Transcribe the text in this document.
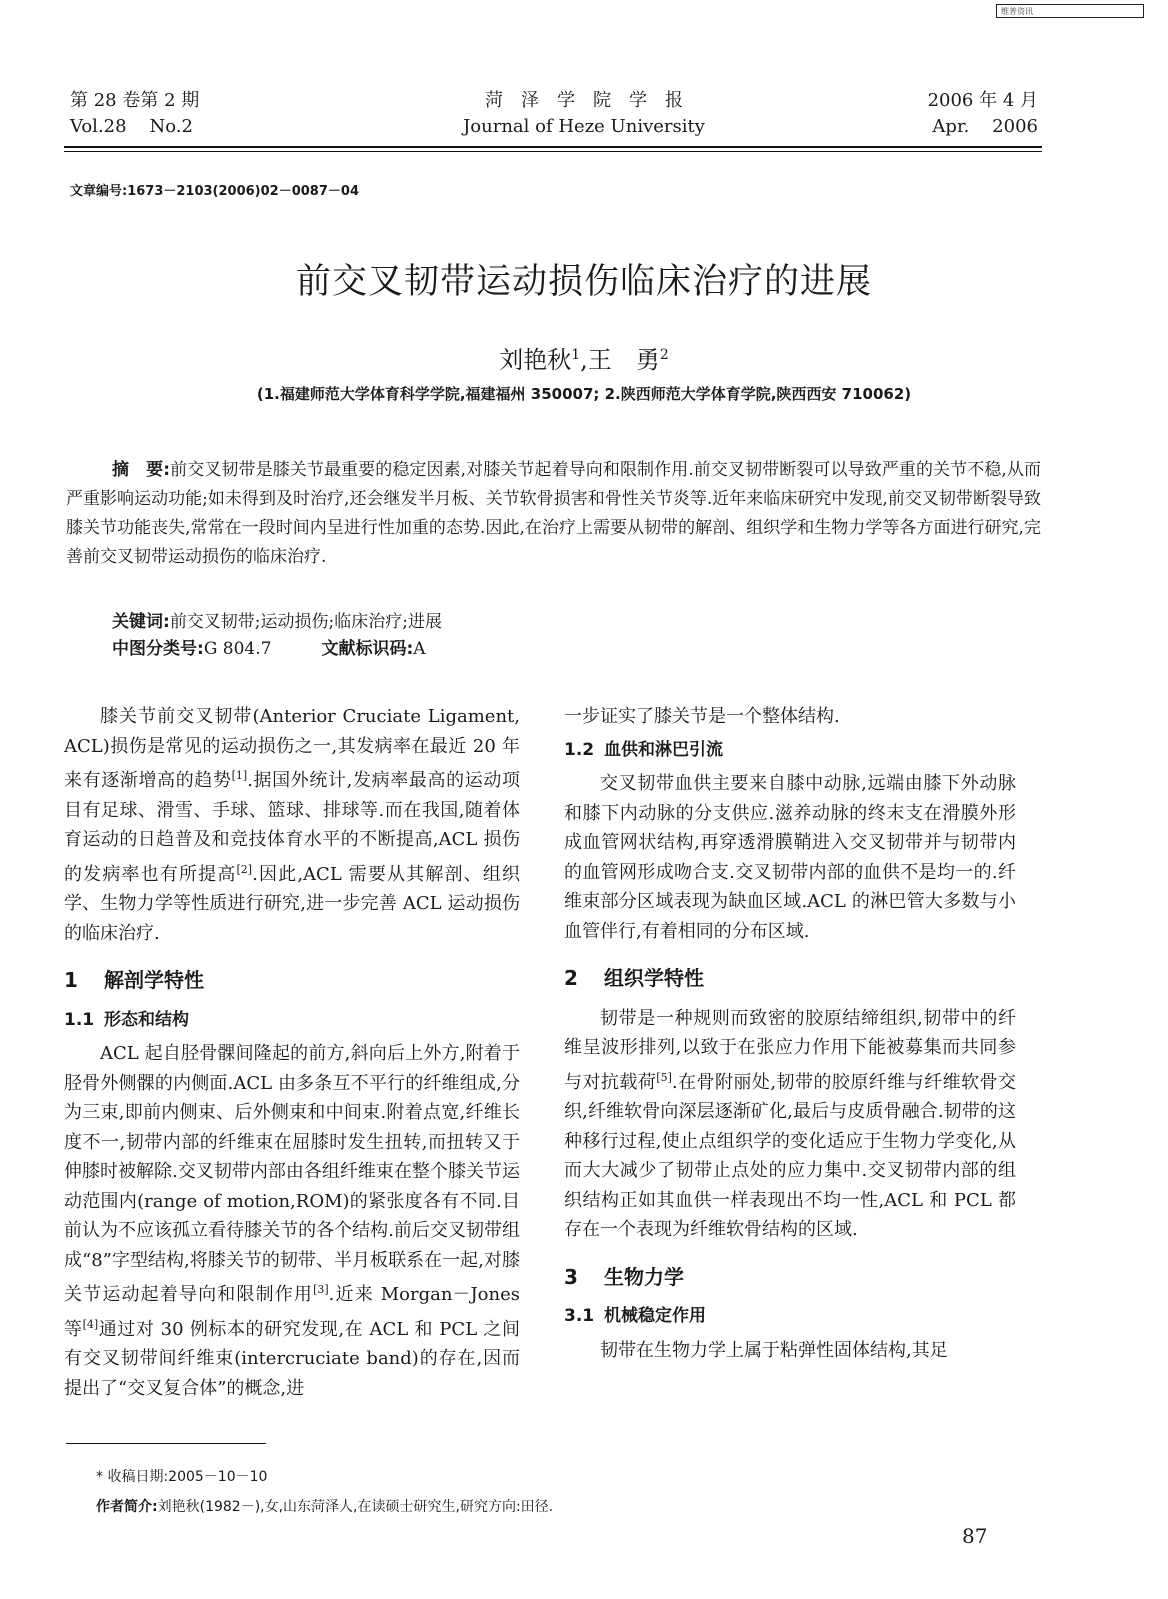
维普资讯
第 28 卷第 2 期
Vol.28    No.2
菏泽学院学报
Journal of Heze University
2006 年 4 月
Apr.    2006
文章编号:1673－2103(2006)02－0087－04
前交叉韧带运动损伤临床治疗的进展
刘艳秋$^1$,王　勇$^2$
(1.福建师范大学体育科学学院,福建福州 350007; 2.陕西师范大学体育学院,陕西西安 710062)
摘　要:前交叉韧带是膝关节最重要的稳定因素,对膝关节起着导向和限制作用.前交叉韧带断裂可以导致严重的关节不稳,从而严重影响运动功能;如未得到及时治疗,还会继发半月板、关节软骨损害和骨性关节炎等.近年来临床研究中发现,前交叉韧带断裂导致膝关节功能丧失,常常在一段时间内呈进行性加重的态势.因此,在治疗上需要从韧带的解剖、组织学和生物力学等各方面进行研究,完善前交叉韧带运动损伤的临床治疗.
关键词:前交叉韧带;运动损伤;临床治疗;进展
中图分类号:G 804.7	文献标识码:A

膝关节前交叉韧带(Anterior Cruciate Ligament, ACL)损伤是常见的运动损伤之一,其发病率在最近 20 年来有逐渐增高的趋势[1].据国外统计,发病率最高的运动项目有足球、滑雪、手球、篮球、排球等.而在我国,随着体育运动的日趋普及和竞技体育水平的不断提高,ACL 损伤的发病率也有所提高[2].因此,ACL 需要从其解剖、组织学、生物力学等性质进行研究,进一步完善 ACL 运动损伤的临床治疗.

1 解剖学特性
1.1 形态和结构

ACL 起自胫骨髁间隆起的前方,斜向后上外方,附着于胫骨外侧髁的内侧面.ACL 由多条互不平行的纤维组成,分为三束,即前内侧束、后外侧束和中间束.附着点宽,纤维长度不一,韧带内部的纤维束在屈膝时发生扭转,而扭转又于伸膝时被解除.交叉韧带内部由各组纤维束在整个膝关节运动范围内(range of motion,ROM)的紧张度各有不同.目前认为不应该孤立看待膝关节的各个结构.前后交叉韧带组成“8”字型结构,将膝关节的韧带、半月板联系在一起,对膝关节运动起着导向和限制作用[3].近来 Morgan－Jones 等[4]通过对 30 例标本的研究发现,在 ACL 和 PCL 之间有交叉韧带间纤维束(intercruciate band)的存在,因而提出了“交叉复合体”的概念,进

一步证实了膝关节是一个整体结构.

1.2 血供和淋巴引流

交叉韧带血供主要来自膝中动脉,远端由膝下外动脉和膝下内动脉的分支供应.滋养动脉的终末支在滑膜外形成血管网状结构,再穿透滑膜鞘进入交叉韧带并与韧带内的血管网形成吻合支.交叉韧带内部的血供不是均一的.纤维束部分区域表现为缺血区域.ACL 的淋巴管大多数与小血管伴行,有着相同的分布区域.

2 组织学特性

韧带是一种规则而致密的胶原结缔组织,韧带中的纤维呈波形排列,以致于在张应力作用下能被募集而共同参与对抗载荷[5].在骨附丽处,韧带的胶原纤维与纤维软骨交织,纤维软骨向深层逐渐矿化,最后与皮质骨融合.韧带的这种移行过程,使止点组织学的变化适应于生物力学变化,从而大大减少了韧带止点处的应力集中.交叉韧带内部的组织结构正如其血供一样表现出不均一性,ACL 和 PCL 都存在一个表现为纤维软骨结构的区域.

3 生物力学
3.1 机械稳定作用

韧带在生物力学上属于粘弹性固体结构,其足

* 收稿日期:2005－10－10
作者简介:刘艳秋(1982－),女,山东菏泽人,在读硕士研究生,研究方向:田径.
87
